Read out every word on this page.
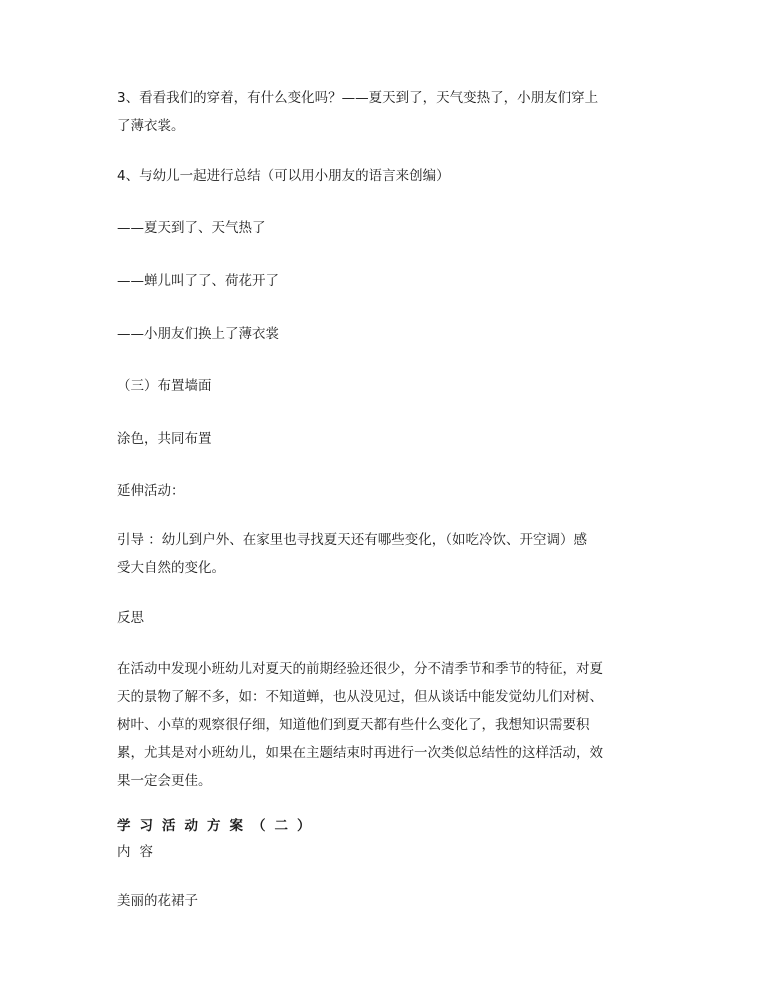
3、看看我们的穿着，有什么变化吗？——夏天到了，天气变热了，小朋友们穿上
了薄衣裳。

4、与幼儿一起进行总结（可以用小朋友的语言来创编）

——夏天到了、天气热了

——蝉儿叫了了、荷花开了

——小朋友们换上了薄衣裳

（三）布置墙面

涂色，共同布置

延伸活动：

引导 ：幼儿到户外、在家里也寻找夏天还有哪些变化，（如吃冷饮、开空调）感
受大自然的变化。

反思

在活动中发现小班幼儿对夏天的前期经验还很少，分不清季节和季节的特征，对夏
天的景物了解不多，如：不知道蝉，也从没见过，但从谈话中能发觉幼儿们对树、
树叶、小草的观察很仔细，知道他们到夏天都有些什么变化了，我想知识需要积
累，尤其是对小班幼儿，如果在主题结束时再进行一次类似总结性的这样活动，效
果一定会更佳。

学习活动方案（二）

内容

美丽的花裙子
